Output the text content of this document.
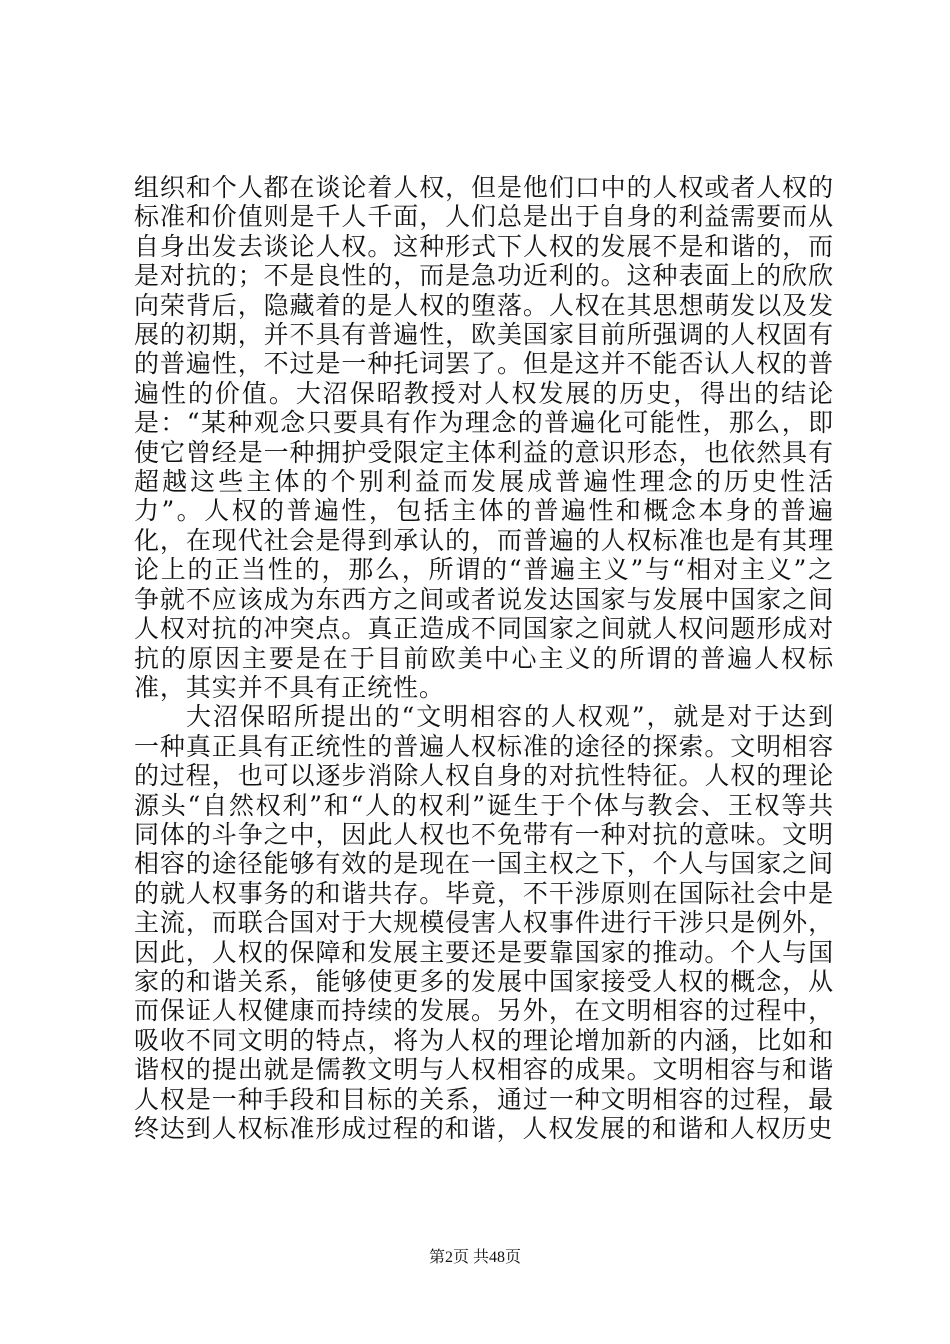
组织和个人都在谈论着人权，但是他们口中的人权或者人权的标准和价值则是千人千面，人们总是出于自身的利益需要而从自身出发去谈论人权。这种形式下人权的发展不是和谐的，而是对抗的；不是良性的，而是急功近利的。这种表面上的欣欣向荣背后，隐藏着的是人权的堕落。人权在其思想萌发以及发展的初期，并不具有普遍性，欧美国家目前所强调的人权固有的普遍性，不过是一种托词罢了。但是这并不能否认人权的普遍性的价值。大沼保昭教授对人权发展的历史，得出的结论是：“某种观念只要具有作为理念的普遍化可能性，那么，即使它曾经是一种拥护受限定主体利益的意识形态，也依然具有超越这些主体的个别利益而发展成普遍性理念的历史性活力”。人权的普遍性，包括主体的普遍性和概念本身的普遍化，在现代社会是得到承认的，而普遍的人权标准也是有其理论上的正当性的，那么，所谓的“普遍主义”与“相对主义”之争就不应该成为东西方之间或者说发达国家与发展中国家之间人权对抗的冲突点。真正造成不同国家之间就人权问题形成对抗的原因主要是在于目前欧美中心主义的所谓的普遍人权标准，其实并不具有正统性。

大沼保昭所提出的“文明相容的人权观”，就是对于达到一种真正具有正统性的普遍人权标准的途径的探索。文明相容的过程，也可以逐步消除人权自身的对抗性特征。人权的理论源头“自然权利”和“人的权利”诞生于个体与教会、王权等共同体的斗争之中，因此人权也不免带有一种对抗的意味。文明相容的途径能够有效的是现在一国主权之下，个人与国家之间的就人权事务的和谐共存。毕竟，不干涉原则在国际社会中是主流，而联合国对于大规模侵害人权事件进行干涉只是例外，因此，人权的保障和发展主要还是要靠国家的推动。个人与国家的和谐关系，能够使更多的发展中国家接受人权的概念，从而保证人权健康而持续的发展。另外，在文明相容的过程中，吸收不同文明的特点，将为人权的理论增加新的内涵，比如和谐权的提出就是儒教文明与人权相容的成果。文明相容与和谐人权是一种手段和目标的关系，通过一种文明相容的过程，最终达到人权标准形成过程的和谐，人权发展的和谐和人权历史

第2页 共48页
